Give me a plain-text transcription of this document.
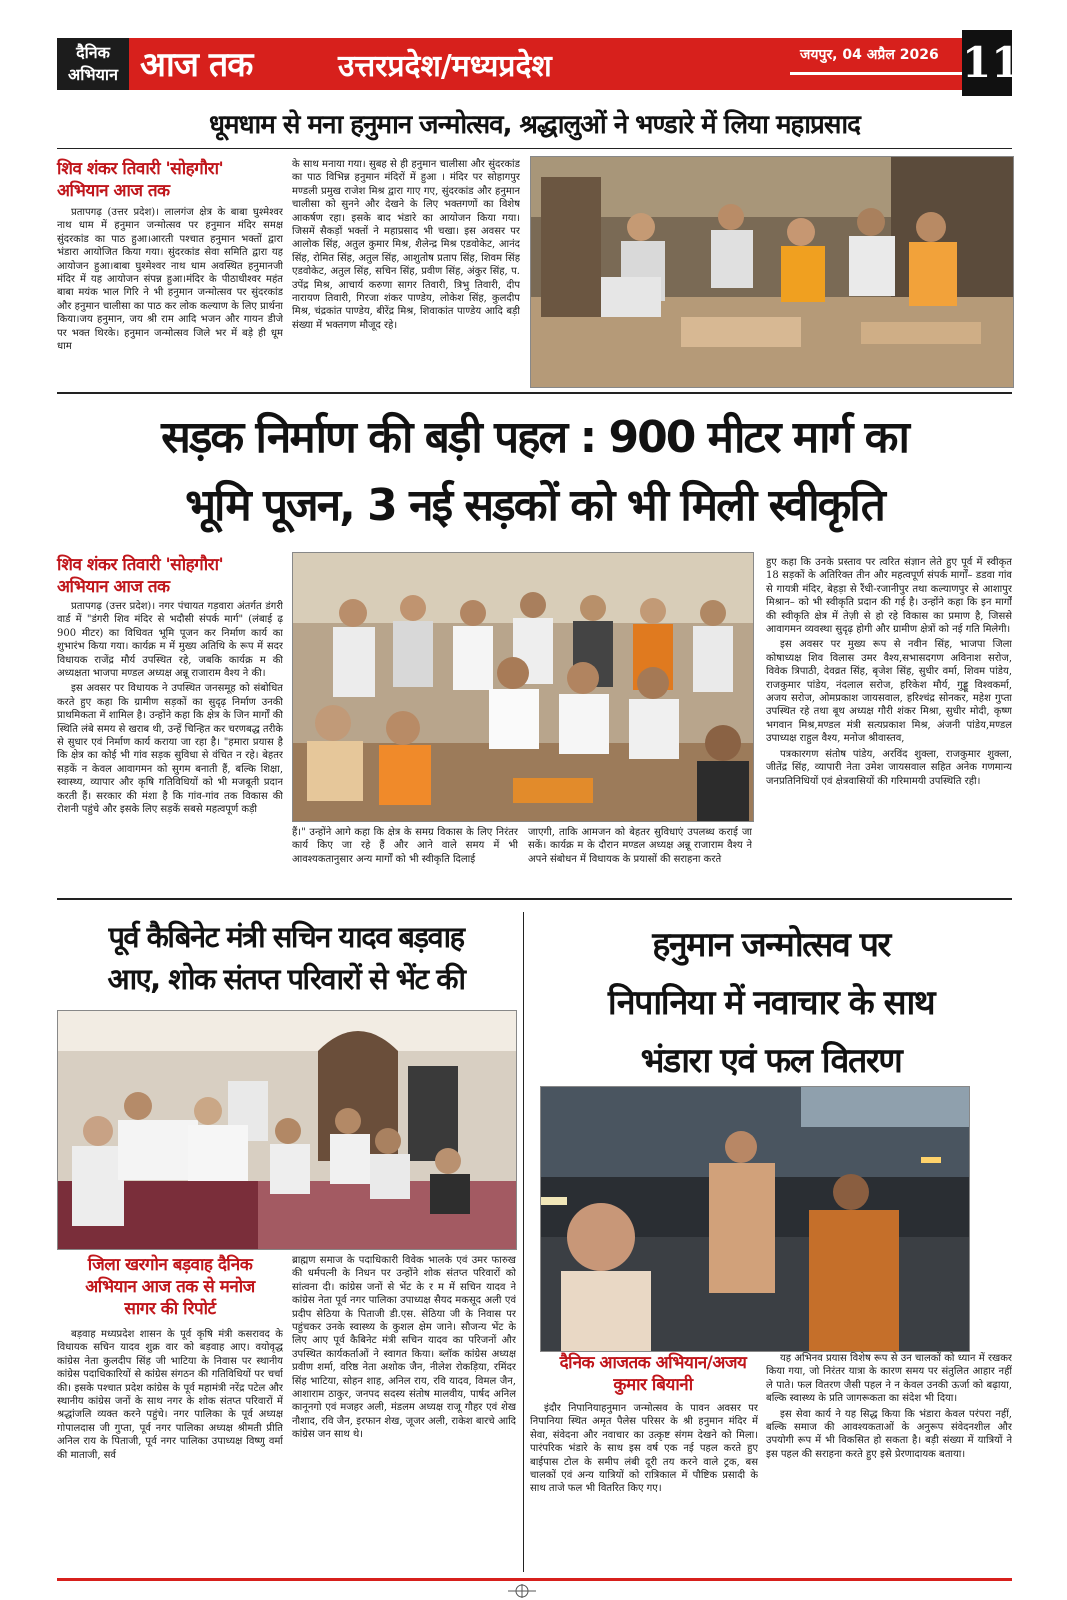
दैनिक
अभियान आज तक	उत्तरप्रदेश/मध्यप्रदेश	जयपुर, 04 अप्रैल 2026 11
धूमधाम से मना हनुमान जन्मोत्सव, श्रद्धालुओं ने भण्डारे में लिया महाप्रसाद
शिव शंकर तिवारी 'सोहगौरा'
अभियान आज तक

प्रतापगढ़ (उत्तर प्रदेश)। लालगंज क्षेत्र के बाबा घुश्मेश्वर नाथ धाम में हनुमान जन्मोत्सव पर हनुमान मंदिर समक्ष सुंदरकांड का पाठ हुआ।आरती पश्चात हनुमान भक्तों द्वारा भंडारा आयोजित किया गया। सुंदरकांड सेवा समिति द्वारा यह आयोजन हुआ।बाबा घुश्मेश्वर नाथ धाम अवस्थित हनुमानजी मंदिर में यह आयोजन संपन्न हुआ।मंदिर के पीठाधीश्वर महंत बाबा मयंक भाल गिरि ने भी हनुमान जन्मोत्सव पर सुंदरकांड और हनुमान चालीसा का पाठ कर लोक कल्याण के लिए प्रार्थना किया।जय हनुमान, जय श्री राम आदि भजन और गायन डीजे पर भक्त थिरके। हनुमान जन्मोत्सव जिले भर में बड़े ही धूम धाम

के साथ मनाया गया। सुबह से ही हनुमान चालीसा और सुंदरकांड का पाठ विभिन्न हनुमान मंदिरों में हुआ । मंदिर पर सोहागपुर मण्डली प्रमुख राजेश मिश्र द्वारा गाए गए, सुंदरकांड और हनुमान चालीसा को सुनने और देखने के लिए भक्तगणों का विशेष आकर्षण रहा। इसके बाद भंडारे का आयोजन किया गया। जिसमें सैकड़ों भक्तों ने महाप्रसाद भी चखा। इस अवसर पर आलोक सिंह, अतुल कुमार मिश्र, शैलेन्द्र मिश्र एडवोकेट, आनंद सिंह, रोमित सिंह, अतुल सिंह, आशुतोष प्रताप सिंह, शिवम सिंह एडवोकेट, अतुल सिंह, सचिन सिंह, प्रवीण सिंह, अंकुर सिंह, प. उपेंद्र मिश्र, आचार्य करुणा सागर तिवारी, त्रिभु तिवारी, दीप नारायण तिवारी, गिरजा शंकर पाण्डेय, लोकेश सिंह, कुलदीप मिश्र, चंद्रकांत पाण्डेय, बीरेंद्र मिश्र, शिवाकांत पाण्डेय आदि बड़ी संख्या में भक्तगण मौजूद रहे।

सड़क निर्माण की बड़ी पहल : 900 मीटर मार्ग का
भूमि पूजन, 3 नई सड़कों को भी मिली स्वीकृति
शिव शंकर तिवारी 'सोहगौरा'
अभियान आज तक

प्रतापगढ़ (उत्तर प्रदेश)। नगर पंचायत गड़वारा अंतर्गत डंगरी वार्ड में "डंगरी शिव मंदिर से भदौसी संपर्क मार्ग" (लंबाई ढ़ 900 मीटर) का विधिवत भूमि पूजन कर निर्माण कार्य का शुभारंभ किया गया। कार्यक्र म में मुख्य अतिथि के रूप में सदर विधायक राजेंद्र मौर्य उपस्थित रहे, जबकि कार्यक्र म की अध्यक्षता भाजपा मण्डल अध्यक्ष अन्नू राजाराम वैश्य ने की।

इस अवसर पर विधायक ने उपस्थित जनसमूह को संबोधित करते हुए कहा कि ग्रामीण सड़कों का सुदृढ़ निर्माण उनकी प्राथमिकता में शामिल है। उन्होंने कहा कि क्षेत्र के जिन मार्गों की स्थिति लंबे समय से खराब थी, उन्हें चिन्हित कर चरणबद्ध तरीके से सुधार एवं निर्माण कार्य कराया जा रहा है। "हमारा प्रयास है कि क्षेत्र का कोई भी गांव सड़क सुविधा से वंचित न रहे। बेहतर सड़कें न केवल आवागमन को सुगम बनाती हैं, बल्कि शिक्षा, स्वास्थ्य, व्यापार और कृषि गतिविधियों को भी मजबूती प्रदान करती हैं। सरकार की मंशा है कि गांव-गांव तक विकास की रोशनी पहुंचे और इसके लिए सड़कें सबसे महत्वपूर्ण कड़ी

हैं।" उन्होंने आगे कहा कि क्षेत्र के समग्र विकास के लिए निरंतर कार्य किए जा रहे हैं और आने वाले समय में भी आवश्यकतानुसार अन्य मार्गों को भी स्वीकृति दिलाई

जाएगी, ताकि आमजन को बेहतर सुविधाएं उपलब्ध कराई जा सकें। कार्यक्र म के दौरान मण्डल अध्यक्ष अन्नू राजाराम वैश्य ने अपने संबोधन में विधायक के प्रयासों की सराहना करते

हुए कहा कि उनके प्रस्ताव पर त्वरित संज्ञान लेते हुए पूर्व में स्वीकृत 18 सड़कों के अतिरिक्त तीन और महत्वपूर्ण संपर्क मार्गों– डडवा गांव से गायत्री मंदिर, बेहड़ा से रैंधी-रजानीपुर तथा कल्याणपुर से आशापुर मिश्रान– को भी स्वीकृति प्रदान की गई है। उन्होंने कहा कि इन मार्गों की स्वीकृति क्षेत्र में तेज़ी से हो रहे विकास का प्रमाण है, जिससे आवागमन व्यवस्था सुदृढ़ होगी और ग्रामीण क्षेत्रों को नई गति मिलेगी।

इस अवसर पर मुख्य रूप से नवीन सिंह, भाजपा जिला कोषाध्यक्ष शिव विलास उमर वैश्य,सभासदगण अविनाश सरोज, विवेक त्रिपाठी, देवव्रत सिंह, बृजेश सिंह, सुधीर वर्मा, शिवम पांडेय, राजकुमार पांडेय, नंदलाल सरोज, हरिकेश मौर्य, गुड्डू विश्वकर्मा, अजय सरोज, ओमप्रकाश जायसवाल, हरिश्चंद्र सोनकर, महेश गुप्ता उपस्थित रहे तथा बूथ अध्यक्ष गौरी शंकर मिश्रा, सुधीर मोदी, कृष्ण भगवान मिश्र,मण्डल मंत्री सत्यप्रकाश मिश्र, अंजनी पांडेय,मण्डल उपाध्यक्ष राहुल वैश्य, मनोज श्रीवास्तव,

पत्रकारगण संतोष पांडेय, अरविंद शुक्ला, राजकुमार शुक्ला, जीतेंद्र सिंह, व्यापारी नेता उमेश जायसवाल सहित अनेक गणमान्य जनप्रतिनिधियों एवं क्षेत्रवासियों की गरिमामयी उपस्थिति रही।

पूर्व कैबिनेट मंत्री सचिन यादव बड़वाह
आए, शोक संतप्त परिवारों से भेंट की
जिला खरगोन बड़वाह दैनिक
अभियान आज तक से मनोज
सागर की रिपोर्ट

बड़वाह मध्यप्रदेश शासन के पूर्व कृषि मंत्री कसरावद के विधायक सचिन यादव शुक्र वार को बड़वाह आए। वयोवृद्ध कांग्रेस नेता कुलदीप सिंह जी भाटिया के निवास पर स्थानीय कांग्रेस पदाधिकारियों से कांग्रेस संगठन की गतिविधियों पर चर्चा की। इसके पश्चात प्रदेश कांग्रेस के पूर्व महामंत्री नरेंद्र पटेल और स्थानीय कांग्रेस जनों के साथ नगर के शोक संतप्त परिवारों में श्रद्धांजलि व्यक्त करने पहुंचे। नगर पालिका के पूर्व अध्यक्ष गोपालदास जी गुप्ता, पूर्व नगर पालिका अध्यक्ष श्रीमती प्रीति अनिल राय के पिताजी, पूर्व नगर पालिका उपाध्यक्ष विष्णु वर्मा की माताजी, सर्व

ब्राह्मण समाज के पदाधिकारी विवेक भालके एवं उमर फारुख की धर्मपत्नी के निधन पर उन्होंने शोक संतप्त परिवारों को सांत्वना दी। कांग्रेस जनों से भेंट के र म में सचिन यादव ने कांग्रेस नेता पूर्व नगर पालिका उपाध्यक्ष सैयद मकसूद अली एवं प्रदीप सेठिया के पिताजी डी.एस. सेठिया जी के निवास पर पहुंचकर उनके स्वास्थ्य के कुशल क्षेम जाने। सौजन्य भेंट के लिए आए पूर्व कैबिनेट मंत्री सचिन यादव का परिजनों और उपस्थित कार्यकर्ताओं ने स्वागत किया। ब्लॉक कांग्रेस अध्यक्ष प्रवीण शर्मा, वरिष्ठ नेता अशोक जैन, नीलेश रोकड़िया, रमिंदर सिंह भाटिया, सोहन शाह, अनिल राय, रवि यादव, विमल जैन, आशाराम ठाकुर, जनपद सदस्य संतोष मालवीय, पार्षद अनिल कानूनगो एवं मजहर अली, मंडलम अध्यक्ष राजू गौहर एवं शेख नौशाद, रवि जैन, इरफान शेख, जूजर अली, राकेश बारचे आदि कांग्रेस जन साथ थे।

हनुमान जन्मोत्सव पर
निपानिया में नवाचार के साथ
भंडारा एवं फल वितरण
दैनिक आजतक अभियान/अजय
कुमार बियानी

इंदौर निपानियाहनुमान जन्मोत्सव के पावन अवसर पर निपानिया स्थित अमृत पैलेस परिसर के श्री हनुमान मंदिर में सेवा, संवेदना और नवाचार का उत्कृष्ट संगम देखने को मिला। पारंपरिक भंडारे के साथ इस वर्ष एक नई पहल करते हुए बाईपास टोल के समीप लंबी दूरी तय करने वाले ट्रक, बस चालकों एवं अन्य यात्रियों को रात्रिकाल में पौष्टिक प्रसादी के साथ ताजे फल भी वितरित किए गए।

यह अभिनव प्रयास विशेष रूप से उन चालकों को ध्यान में रखकर किया गया, जो निरंतर यात्रा के कारण समय पर संतुलित आहार नहीं ले पाते। फल वितरण जैसी पहल ने न केवल उनकी ऊर्जा को बढ़ाया, बल्कि स्वास्थ्य के प्रति जागरूकता का संदेश भी दिया।

इस सेवा कार्य ने यह सिद्ध किया कि भंडारा केवल परंपरा नहीं, बल्कि समाज की आवश्यकताओं के अनुरूप संवेदनशील और उपयोगी रूप में भी विकसित हो सकता है। बड़ी संख्या में यात्रियों ने इस पहल की सराहना करते हुए इसे प्रेरणादायक बताया।
